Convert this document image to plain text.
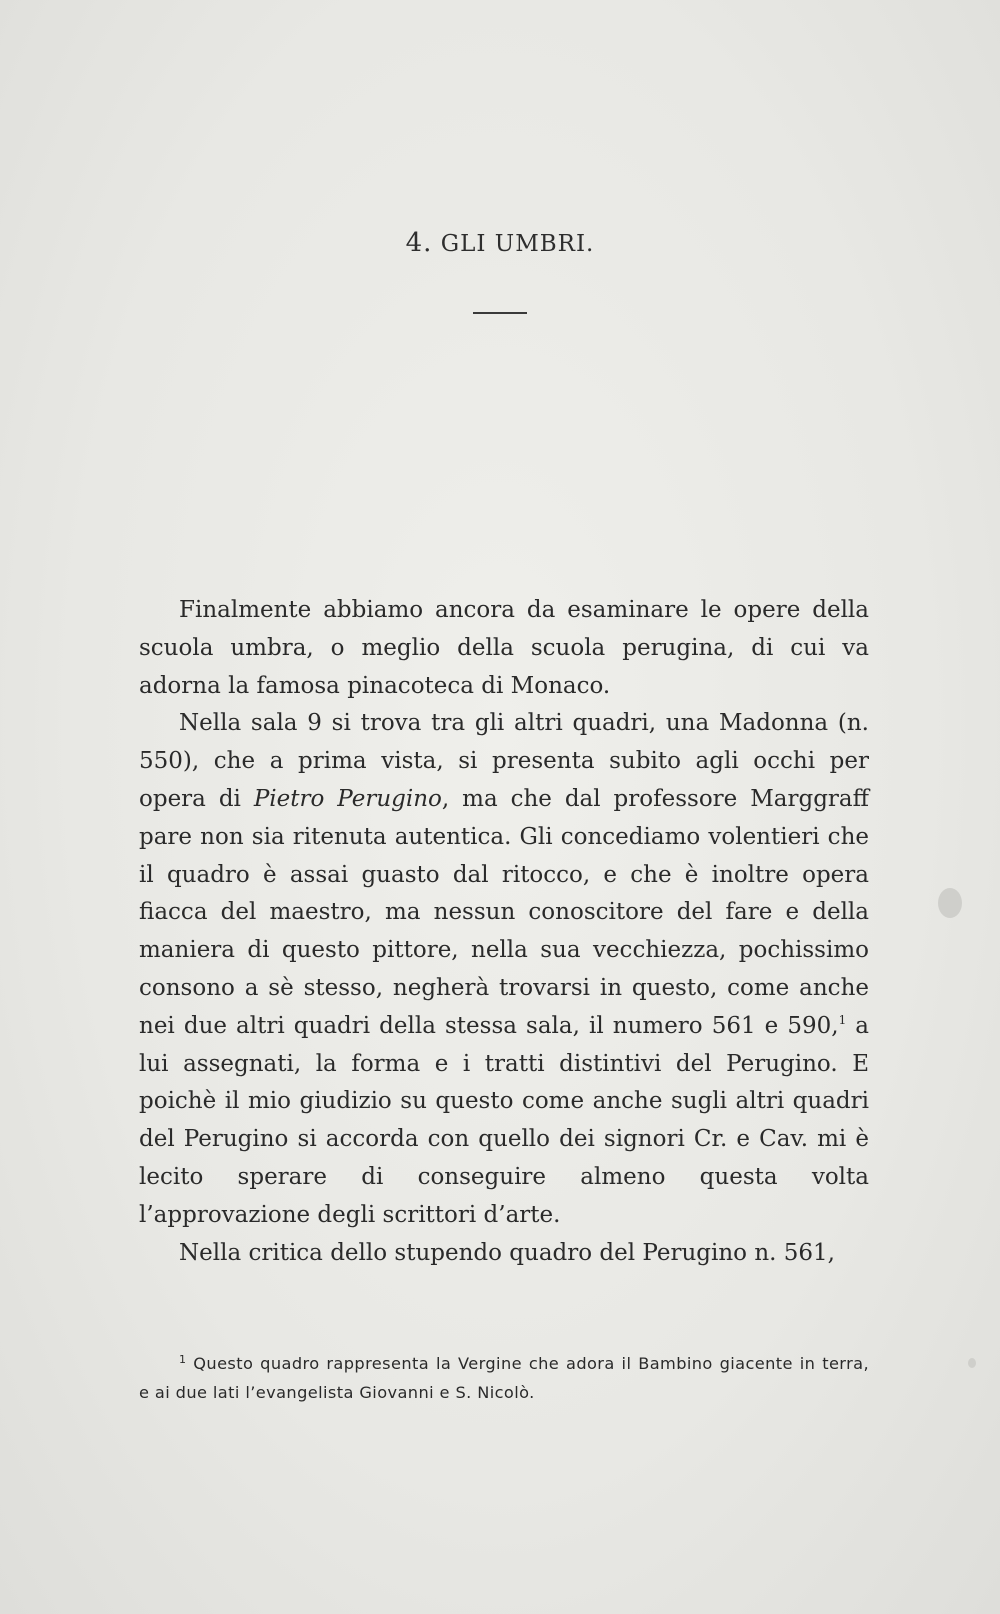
4. GLI UMBRI.

Finalmente abbiamo ancora da esaminare le opere della scuola umbra, o meglio della scuola perugina, di cui va adorna la famosa pinacoteca di Monaco.

Nella sala 9 si trova tra gli altri quadri, una Madonna (n. 550), che a prima vista, si presenta subito agli occhi per opera di Pietro Perugino, ma che dal professore Marggraff pare non sia ritenuta autentica. Gli concediamo volentieri che il quadro è assai guasto dal ritocco, e che è inoltre opera fiacca del maestro, ma nessun conoscitore del fare e della maniera di questo pittore, nella sua vecchiezza, pochissimo consono a sè stesso, negherà trovarsi in questo, come anche nei due altri quadri della stessa sala, il numero 561 e 590,$^1$ a lui assegnati, la forma e i tratti distintivi del Perugino. E poichè il mio giudizio su questo come anche sugli altri quadri del Perugino si accorda con quello dei signori Cr. e Cav. mi è lecito sperare di conseguire almeno questa volta l’approvazione degli scrittori d’arte.

Nella critica dello stupendo quadro del Perugino n. 561,

$^1$ Questo quadro rappresenta la Vergine che adora il Bambino giacente in terra, e ai due lati l’evangelista Giovanni e S. Nicolò.
